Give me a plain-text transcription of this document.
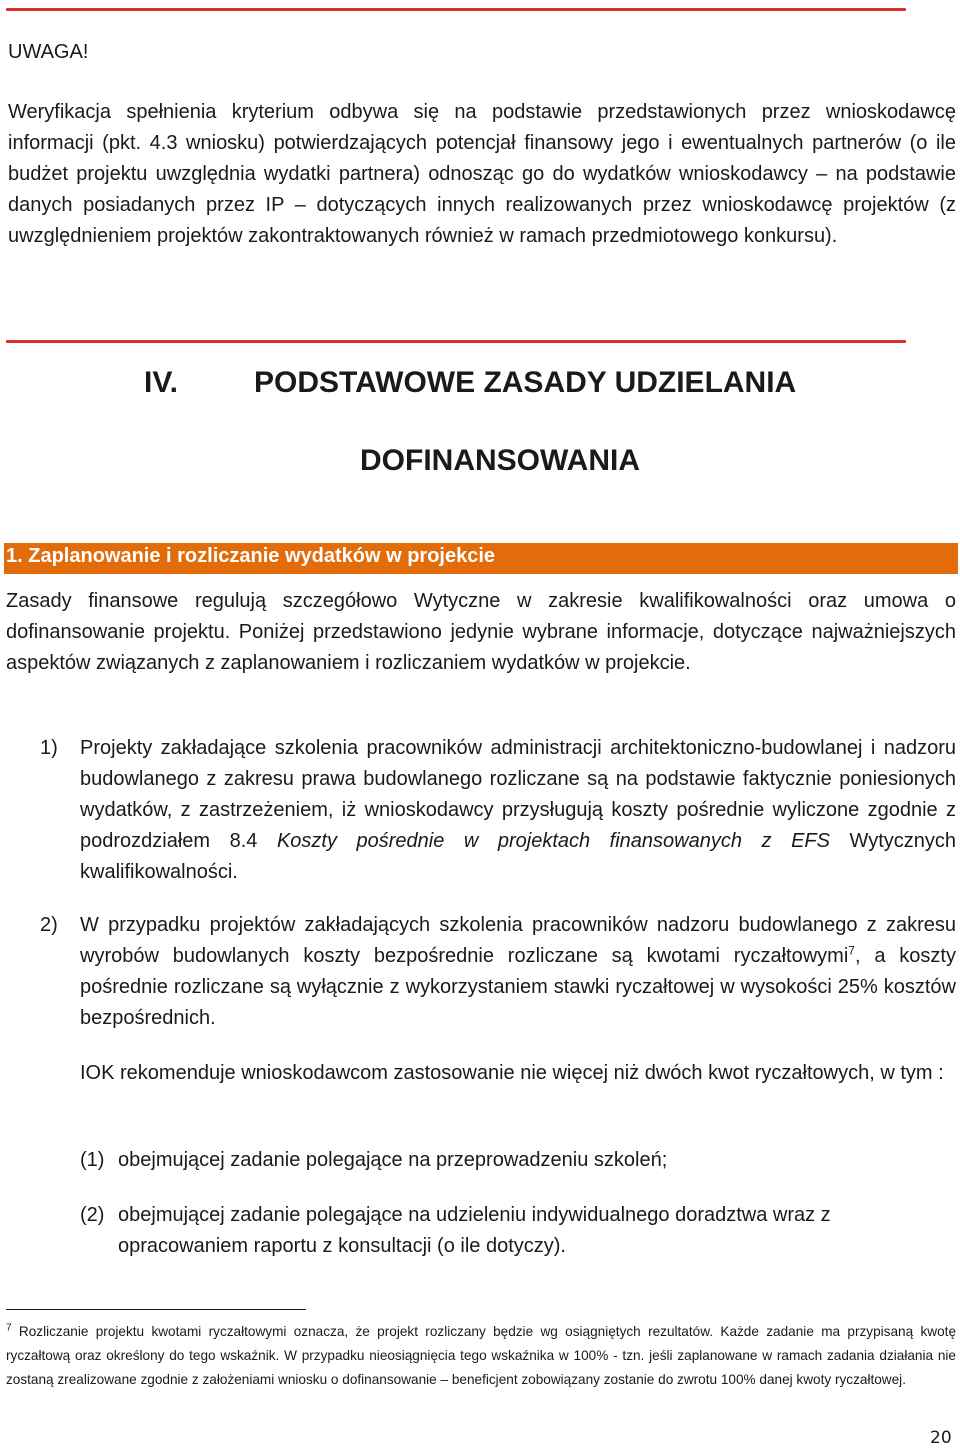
UWAGA!
Weryfikacja spełnienia kryterium odbywa się na podstawie przedstawionych przez wnioskodawcę informacji (pkt. 4.3 wniosku) potwierdzających potencjał finansowy jego i ewentualnych partnerów (o ile budżet projektu uwzględnia wydatki partnera) odnosząc go do wydatków wnioskodawcy – na podstawie danych posiadanych przez IP – dotyczących innych realizowanych przez wnioskodawcę projektów (z uwzględnieniem projektów zakontraktowanych również w ramach przedmiotowego konkursu).
IV.	PODSTAWOWE ZASADY UDZIELANIA
DOFINANSOWANIA
1. Zaplanowanie i rozliczanie wydatków w projekcie
Zasady finansowe regulują szczegółowo Wytyczne w zakresie kwalifikowalności oraz umowa o dofinansowanie projektu. Poniżej przedstawiono jedynie wybrane informacje, dotyczące najważniejszych aspektów związanych z zaplanowaniem i rozliczaniem wydatków w projekcie.
1) Projekty zakładające szkolenia pracowników administracji architektoniczno-budowlanej i nadzoru budowlanego z zakresu prawa budowlanego rozliczane są na podstawie faktycznie poniesionych wydatków, z zastrzeżeniem, iż wnioskodawcy przysługują koszty pośrednie wyliczone zgodnie z podrozdziałem 8.4 Koszty pośrednie w projektach finansowanych z EFS Wytycznych kwalifikowalności.
2) W przypadku projektów zakładających szkolenia pracowników nadzoru budowlanego z zakresu wyrobów budowlanych koszty bezpośrednie rozliczane są kwotami ryczałtowymi$^7$, a koszty pośrednie rozliczane są wyłącznie z wykorzystaniem stawki ryczałtowej w wysokości 25% kosztów bezpośrednich.
IOK rekomenduje wnioskodawcom zastosowanie nie więcej niż dwóch kwot ryczałtowych, w tym :
(1) obejmującej zadanie polegające na przeprowadzeniu szkoleń;
(2) obejmującej zadanie polegające na udzieleniu indywidualnego doradztwa wraz z opracowaniem raportu z konsultacji (o ile dotyczy).
$^7$ Rozliczanie projektu kwotami ryczałtowymi oznacza, że projekt rozliczany będzie wg osiągniętych rezultatów. Każde zadanie ma przypisaną kwotę ryczałtową oraz określony do tego wskaźnik. W przypadku nieosiągnięcia tego wskaźnika w 100% - tzn. jeśli zaplanowane w ramach zadania działania nie zostaną zrealizowane zgodnie z założeniami wniosku o dofinansowanie – beneficjent zobowiązany zostanie do zwrotu 100% danej kwoty ryczałtowej.
20
